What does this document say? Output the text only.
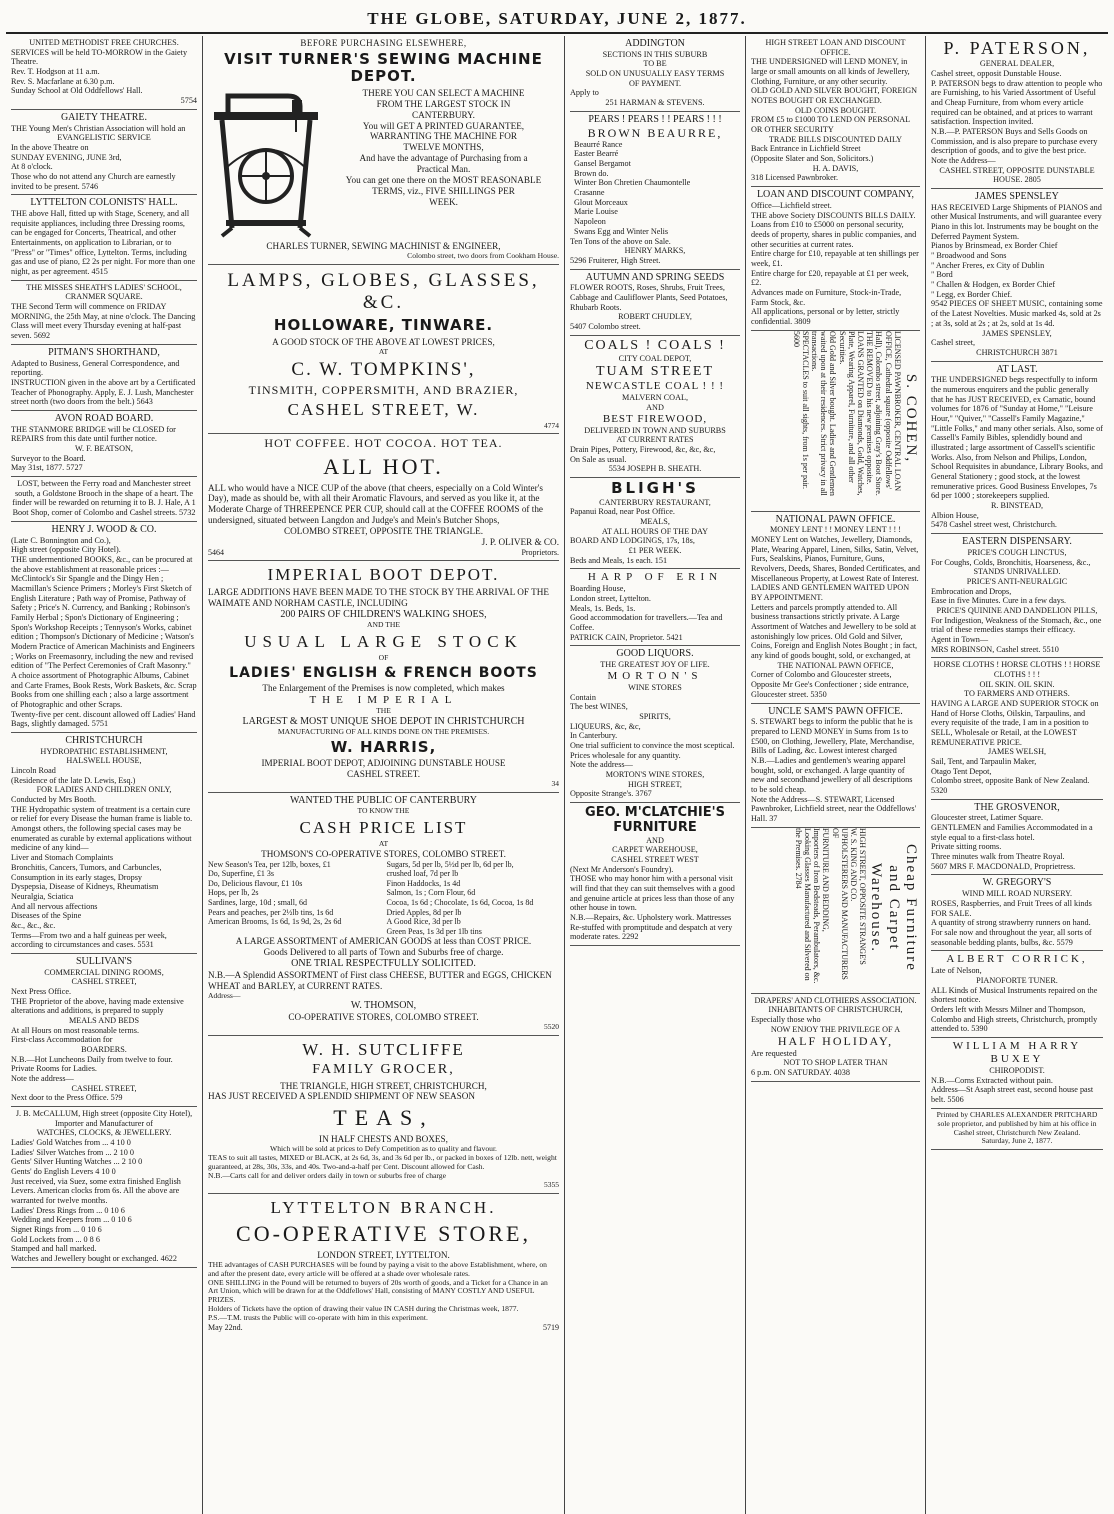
THE GLOBE, SATURDAY, JUNE 2, 1877.
UNITED METHODIST FREE CHURCHES.
SERVICES will be held TO-MORROW in the Gaiety Theatre.
Rev. T. Hodgson at 11 a.m.
Rev. S. Macfarlane at 6.30 p.m.
Sunday School at Old Oddfellows' Hall.
5754
GAIETY THEATRE.
THE Young Men's Christian Association will hold an
EVANGELISTIC SERVICE
In the above Theatre on
SUNDAY EVENING, JUNE 3rd,
At 8 o'clock.
Those who do not attend any Church are earnestly invited to be present. 5746
LYTTELTON COLONISTS' HALL.
THE above Hall, fitted up with Stage, Scenery, and all requisite appliances, including three Dressing rooms, can be engaged for Concerts, Theatrical, and other Entertainments, on application to Librarian, or to "Press" or "Times" office, Lyttelton. Terms, including gas and use of piano, £2 2s per night. For more than one night, as per agreement. 4515
THE MISSES SHEATH'S LADIES' SCHOOL, CRANMER SQUARE.
THE Second Term will commence on FRIDAY MORNING, the 25th May, at nine o'clock. The Dancing Class will meet every Thursday evening at half-past seven. 5692
PITMAN'S SHORTHAND,
Adapted to Business, General Correspondence, and reporting.
INSTRUCTION given in the above art by a Certificated Teacher of Phonography. Apply, E. J. Lush, Manchester street north (two doors from the belt.) 5643
AVON ROAD BOARD.
THE STANMORE BRIDGE will be CLOSED for REPAIRS from this date until further notice.
W. F. BEATSON,
Surveyor to the Board.
May 31st, 1877. 5727
LOST, between the Ferry road and Manchester street south, a Goldstone Brooch in the shape of a heart. The finder will be rewarded on returning it to B. J. Hale, A 1 Boot Shop, corner of Colombo and Cashel streets. 5732
HENRY J. WOOD & CO.
(Late C. Bonnington and Co.),
High street (opposite City Hotel).
THE undermentioned BOOKS, &c., can be procured at the above establishment at reasonable prices :—
McClintock's Sir Spangle and the Dingy Hen ; Macmillan's Science Primers ; Morley's First Sketch of English Literature ; Path way of Promise, Pathway of Safety ; Price's N. Currency, and Banking ; Robinson's Family Herbal ; Spon's Dictionary of Engineering ; Spon's Workshop Receipts ; Tennyson's Works, cabinet edition ; Thompson's Dictionary of Medicine ; Watson's Modern Practice of American Machinists and Engineers ; Works on Freemasonry, including the new and revised edition of "The Perfect Ceremonies of Craft Masonry." A choice assortment of Photographic Albums, Cabinet and Carte Frames, Book Rests, Work Baskets, &c. Scrap Books from one shilling each ; also a large assortment of Photographic and other Scraps.
Twenty-five per cent. discount allowed off Ladies' Hand Bags, slightly damaged. 5751
CHRISTCHURCH
HYDROPATHIC ESTABLISHMENT,
HALSWELL HOUSE,
Lincoln Road
(Residence of the late D. Lewis, Esq.)
FOR LADIES AND CHILDREN ONLY,
Conducted by Mrs Booth.
THE Hydropathic system of treatment is a certain cure or relief for every Disease the human frame is liable to. Amongst others, the following special cases may be enumerated as curable by external applications without medicine of any kind—
Liver and Stomach Complaints
Bronchitis, Cancers, Tumors, and Carbuncles,
Consumption in its early stages, Dropsy
Dyspepsia, Disease of Kidneys, Rheumatism
Neuralgia, Sciatica
And all nervous affections
Diseases of the Spine
&c., &c., &c.
Terms—From two and a half guineas per week, according to circumstances and cases. 5531
SULLIVAN'S
COMMERCIAL DINING ROOMS,
CASHEL STREET,
Next Press Office.
THE Proprietor of the above, having made extensive alterations and additions, is prepared to supply
MEALS AND BEDS
At all Hours on most reasonable terms.
First-class Accommodation for
BOARDERS.
N.B.—Hot Luncheons Daily from twelve to four.
Private Rooms for Ladies.
Note the address—
CASHEL STREET,
Next door to the Press Office. 5?9
J. B. McCALLUM, High street (opposite City Hotel), Importer and Manufacturer of
WATCHES, CLOCKS, & JEWELLERY.
Ladies' Gold Watches from ... 4 10 0
Ladies' Silver Watches from ... 2 10 0
Gents' Silver Hunting Watches ... 2 10 0
Gents' do English Levers 4 10 0
Just received, via Suez, some extra finished English Levers. American clocks from 6s. All the above are warranted for twelve months.
Ladies' Dress Rings from ... 0 10 6
Wedding and Keepers from ... 0 10 6
Signet Rings from ... 0 10 6
Gold Lockets from ... 0 8 6
Stamped and hall marked.
Watches and Jewellery bought or exchanged. 4622
BEFORE PURCHASING ELSEWHERE,
VISIT TURNER'S SEWING MACHINE DEPOT.
THERE YOU CAN SELECT A MACHINE
FROM THE LARGEST STOCK IN
CANTERBURY.
You will GET A PRINTED GUARANTEE,
WARRANTING THE MACHINE FOR
TWELVE MONTHS,
And have the advantage of Purchasing from a
Practical Man.
You can get one there on the MOST REASONABLE
TERMS, viz., FIVE SHILLINGS PER
WEEK.
CHARLES TURNER, SEWING MACHINIST & ENGINEER,
Colombo street, two doors from Cookham House.
LAMPS, GLOBES, GLASSES, &C.
HOLLOWARE, TINWARE.
A GOOD STOCK OF THE ABOVE AT LOWEST PRICES,
AT
C. W. TOMPKINS',
TINSMITH, COPPERSMITH, AND BRAZIER,
CASHEL STREET, W.
4774
HOT COFFEE. HOT COCOA. HOT TEA.
ALL HOT.

ALL who would have a NICE CUP of the above (that cheers, especially on a Cold Winter's Day), made as should be, with all their Aromatic Flavours, and served as you like it, at the Moderate Charge of THREEPENCE PER CUP, should call at the COFFEE ROOMS of the undersigned, situated between Langdon and Judge's and Mein's Butcher Shops,

COLOMBO STREET, OPPOSITE THE TRIANGLE.
J. P. OLIVER & CO.
5464	Proprietors.
IMPERIAL BOOT DEPOT.

LARGE ADDITIONS HAVE BEEN MADE TO THE STOCK BY THE ARRIVAL OF THE WAIMATE AND NORHAM CASTLE, INCLUDING

200 PAIRS OF CHILDREN'S WALKING SHOES,
AND THE
USUAL LARGE STOCK
OF
LADIES' ENGLISH & FRENCH BOOTS
The Enlargement of the Premises is now completed, which makes
THE IMPERIAL
THE
LARGEST & MOST UNIQUE SHOE DEPOT IN CHRISTCHURCH
MANUFACTURING OF ALL KINDS DONE ON THE PREMISES.
W. HARRIS,
IMPERIAL BOOT DEPOT, ADJOINING DUNSTABLE HOUSE
CASHEL STREET.
34
WANTED THE PUBLIC OF CANTERBURY
TO KNOW THE
CASH PRICE LIST
AT
THOMSON'S CO-OPERATIVE STORES, COLOMBO STREET.
New Season's Tea, per 12lb, boxes, £1
Do, Superfine, £1 3s
Do, Delicious flavour, £1 10s
Hops, per lb, 2s
Sardines, large, 10d ; small, 6d
Pears and peaches, per 2½lb tins, 1s 6d
American Brooms, 1s 6d, 1s 9d, 2s, 2s 6d
Sugars, 5d per lb, 5½d per lb, 6d per lb,
crushed loaf, 7d per lb
Finon Haddocks, 1s 4d
Salmon, 1s ; Corn Flour, 6d
Cocoa, 1s 6d ; Chocolate, 1s 6d, Cocoa, 1s 8d
Dried Apples, 8d per lb
A Good Rice, 3d per lb
Green Peas, 1s 3d per 1lb tins
A LARGE ASSORTMENT of AMERICAN GOODS at less than COST PRICE.
Goods Delivered to all parts of Town and Suburbs free of charge.
ONE TRIAL RESPECTFULLY SOLICITED.

N.B.—A Splendid ASSORTMENT of First class CHEESE, BUTTER and EGGS, CHICKEN WHEAT and BARLEY, at CURRENT RATES.

Address—
W. THOMSON,
CO-OPERATIVE STORES, COLOMBO STREET.
5520
W. H. SUTCLIFFE
FAMILY GROCER,
THE TRIANGLE, HIGH STREET, CHRISTCHURCH,

HAS JUST RECEIVED A SPLENDID SHIPMENT OF NEW SEASON

TEAS,
IN HALF CHESTS AND BOXES,
Which will be sold at prices to Defy Competition as to quality and flavour.

TEAS to suit all tastes, MIXED or BLACK, at 2s 6d, 3s, and 3s 6d per lb., or packed in boxes of 12lb. nett, weight guaranteed, at 28s, 30s, 33s, and 40s. Two-and-a-half per Cent. Discount allowed for Cash.

N.B.—Carts call for and deliver orders daily in town or suburbs free of charge

5355
LYTTELTON BRANCH.
CO-OPERATIVE STORE,
LONDON STREET, LYTTELTON.

THE advantages of CASH PURCHASES will be found by paying a visit to the above Establishment, where, on and after the present date, every article will be offered at a shade over wholesale rates.

ONE SHILLING in the Pound will be returned to buyers of 20s worth of goods, and a Ticket for a Chance in an Art Union, which will be drawn for at the Oddfellows' Hall, consisting of MANY COSTLY AND USEFUL PRIZES.

Holders of Tickets have the option of drawing their value IN CASH during the Christmas week, 1877.

P.S.—T.M. trusts the Public will co-operate with him in this experiment.

May 22nd.	5719
ADDINGTON
SECTIONS IN THIS SUBURB
TO BE
SOLD ON UNUSUALLY EASY TERMS
OF PAYMENT.
Apply to
251 HARMAN & STEVENS.
PEARS ! PEARS ! ! PEARS ! ! !
BROWN BEAURRE,
Beaurré Rance
Easter Bearré
Gansel Bergamot
Brown do.
Winter Bon Chretien Chaumontelle
Crasanne
Glout Morceaux
Marie Louise
Napoleon
Swans Egg and Winter Nelis
Ten Tons of the above on Sale.
HENRY MARKS,
5296 Fruiterer, High Street.
AUTUMN AND SPRING SEEDS
FLOWER ROOTS, Roses, Shrubs, Fruit Trees, Cabbage and Cauliflower Plants, Seed Potatoes, Rhubarb Roots.
ROBERT CHUDLEY,
5407 Colombo street.
COALS ! COALS !
CITY COAL DEPOT,
TUAM STREET
NEWCASTLE COAL ! ! !
MALVERN COAL,
AND
BEST FIREWOOD,
DELIVERED IN TOWN AND SUBURBS
AT CURRENT RATES
Drain Pipes, Pottery, Firewood, &c, &c, &c,
On Sale as usual.
5534 JOSEPH B. SHEATH.
BLIGH'S
CANTERBURY RESTAURANT,
Papanui Road, near Post Office.
MEALS,
AT ALL HOURS OF THE DAY
BOARD AND LODGINGS, 17s, 18s,
£1 PER WEEK.
Beds and Meals, 1s each. 151
HARP OF ERIN
Boarding House,
London street, Lyttelton.
Meals, 1s. Beds, 1s.
Good accommodation for travellers.—Tea and Coffee.
PATRICK CAIN, Proprietor. 5421
GOOD LIQUORS.
THE GREATEST JOY OF LIFE.
MORTON'S
WINE STORES
Contain
The best WINES,
SPIRITS,
LIQUEURS, &c, &c,
In Canterbury.
One trial sufficient to convince the most sceptical.
Prices wholesale for any quantity.
Note the address—
MORTON'S WINE STORES,
HIGH STREET,
Opposite Strange's. 3767
GEO. M'CLATCHIE'S
FURNITURE
AND
CARPET WAREHOUSE,
CASHEL STREET WEST
(Next Mr Anderson's Foundry).
THOSE who may honor him with a personal visit will find that they can suit themselves with a good and genuine article at prices less than those of any other house in town.
N.B.—Repairs, &c. Upholstery work. Mattresses Re-stuffed with promptitude and despatch at very moderate rates. 2292
HIGH STREET LOAN AND DISCOUNT OFFICE.
THE UNDERSIGNED will LEND MONEY, in large or small amounts on all kinds of Jewellery, Clothing, Furniture, or any other security.
OLD GOLD AND SILVER BOUGHT, FOREIGN NOTES BOUGHT OR EXCHANGED.
OLD COINS BOUGHT.
FROM £5 to £1000 TO LEND ON PERSONAL OR OTHER SECURITY
TRADE BILLS DISCOUNTED DAILY
Back Entrance in Lichfield Street
(Opposite Slater and Son, Solicitors.)
H. A. DAVIS,
318 Licensed Pawnbroker.
LOAN AND DISCOUNT COMPANY,
Office—Lichfield street.
THE above Society DISCOUNTS BILLS DAILY.
Loans from £10 to £5000 on personal security, deeds of property, shares in public companies, and other securities at current rates.
Entire charge for £10, repayable at ten shillings per week, £1.
Entire charge for £20, repayable at £1 per week, £2.
Advances made on Furniture, Stock-in-Trade, Farm Stock, &c.
All applications, personal or by letter, strictly confidential. 3809
S. COHEN,
LICENSED PAWNBROKER, CENTRAL LOAN OFFICE, Cathedral square (opposite Oddfellows' Hall), Colombo street, adjoining Gray's Boot Store. THE REMOVED to his new premises opposite.
LOANS GRANTED on Diamonds, Gold, Watches, Plate, Wearing Apparel, Furniture, and all other Securities.
Old Gold and Silver bought. Ladies and Gentlemen waited upon at their residences. Strict privacy in all transactions.
SPECTACLES to suit all sights, from 1s per pair. 5600
NATIONAL PAWN OFFICE.
MONEY LENT ! ! MONEY LENT ! ! !
MONEY Lent on Watches, Jewellery, Diamonds, Plate, Wearing Apparel, Linen, Silks, Satin, Velvet, Furs, Sealskins, Pianos, Furniture, Guns, Revolvers, Deeds, Shares, Bonded Certificates, and Miscellaneous Property, at Lowest Rate of Interest.
LADIES AND GENTLEMEN WAITED UPON BY APPOINTMENT.
Letters and parcels promptly attended to. All business transactions strictly private. A Large Assortment of Watches and Jewellery to be sold at astonishingly low prices. Old Gold and Silver, Coins, Foreign and English Notes Bought ; in fact, any kind of goods bought, sold, or exchanged, at
THE NATIONAL PAWN OFFICE,
Corner of Colombo and Gloucester streets, Opposite Mr Gee's Confectioner ; side entrance, Gloucester street. 5350
UNCLE SAM'S PAWN OFFICE.
S. STEWART begs to inform the public that he is prepared to LEND MONEY in Sums from 1s to £500, on Clothing, Jewellery, Plate, Merchandise, Bills of Lading, &c. Lowest interest charged
N.B.—Ladies and gentlemen's wearing apparel bought, sold, or exchanged. A large quantity of new and secondhand jewellery of all descriptions to be sold cheap.
Note the Address—S. STEWART, Licensed Pawnbroker, Lichfield street, near the Oddfellows' Hall. 37
Cheap Furniture and Carpet Warehouse.
HIGH STREET, OPPOSITE STRANGE'S
W. S. KING AND CO.
UPHOLSTERERS AND MANUFACTURERS OF
FURNITURE AND BEDDING,
Importers of Iron Bedsteads, Perambulators, &c.
Looking Glasses Manufactured and Silvered on the Premises. 2784
DRAPERS' AND CLOTHIERS ASSOCIATION.
INHABITANTS OF CHRISTCHURCH,
Especially those who
NOW ENJOY THE PRIVILEGE OF A
HALF HOLIDAY,
Are requested
NOT TO SHOP LATER THAN
6 p.m. ON SATURDAY. 4038
P. PATERSON,
GENERAL DEALER,
Cashel street, opposit Dunstable House.
P. PATERSON begs to draw attention to people who are Furnishing, to his Varied Assortment of Useful and Cheap Furniture, from whom every article required can be obtained, and at prices to warrant satisfaction. Inspection invited.
N.B.—P. PATERSON Buys and Sells Goods on Commission, and is also prepare to purchase every description of goods, and to give the best price.
Note the Address—
CASHEL STREET, OPPOSITE DUNSTABLE HOUSE. 2805
JAMES SPENSLEY
HAS RECEIVED Large Shipments of PIANOS and other Musical Instruments, and will guarantee every Piano in this lot. Instruments may be bought on the Deferred Payment System.
Pianos by Brinsmead, ex Border Chief
" Broadwood and Sons
" Ancher Freres, ex City of Dublin
" Bord
" Challen & Hodgen, ex Border Chief
" Legg, ex Border Chief.
9542 PIECES OF SHEET MUSIC, containing some of the Latest Novelties. Music marked 4s, sold at 2s ; at 3s, sold at 2s ; at 2s, sold at 1s 4d.
JAMES SPENSLEY,
Cashel street,
CHRISTCHURCH 3871
AT LAST.
THE UNDERSIGNED begs respectfully to inform the numerous enquirers and the public generally that he has JUST RECEIVED, ex Carnatic, bound volumes for 1876 of "Sunday at Home," "Leisure Hour," "Quiver," "Cassell's Family Magazine," "Little Folks," and many other serials. Also, some of Cassell's Family Bibles, splendidly bound and illustrated ; large assortment of Cassell's scientific Works. Also, from Nelson and Philips, London, School Requisites in abundance, Library Books, and General Stationery ; good stock, at the lowest remunerative prices. Good Business Envelopes, 7s 6d per 1000 ; storekeepers supplied.
R. BINSTEAD,
Albion House,
5478 Cashel street west, Christchurch.
EASTERN DISPENSARY.
PRICE'S COUGH LINCTUS,
For Coughs, Colds, Bronchitis, Hoarseness, &c.,
STANDS UNRIVALLED.
PRICE'S ANTI-NEURALGIC
Embrocation and Drops,
Ease in five Minutes. Cure in a few days.
PRICE'S QUININE AND DANDELION PILLS,
For Indigestion, Weakness of the Stomach, &c., one trial of these remedies stamps their efficacy.
Agent in Town—
MRS ROBINSON, Cashel street. 5510
HORSE CLOTHS ! HORSE CLOTHS ! ! HORSE CLOTHS ! ! !
OIL SKIN. OIL SKIN.
TO FARMERS AND OTHERS.
HAVING A LARGE AND SUPERIOR STOCK on Hand of Horse Cloths, Oilskin, Tarpaulins, and every requisite of the trade, I am in a position to SELL, Wholesale or Retail, at the LOWEST REMUNERATIVE PRICE.
JAMES WELSH,
Sail, Tent, and Tarpaulin Maker,
Otago Tent Depot,
Colombo street, opposite Bank of New Zealand. 5320
THE GROSVENOR,
Gloucester street, Latimer Square.
GENTLEMEN and Families Accommodated in a style equal to a first-class hotel.
Private sitting rooms.
Three minutes walk from Theatre Royal.
5607 MRS F. MACDONALD, Proprietress.
W. GREGORY'S
WIND MILL ROAD NURSERY.
ROSES, Raspberries, and Fruit Trees of all kinds FOR SALE.
A quantity of strong strawberry runners on hand.
For sale now and throughout the year, all sorts of seasonable bedding plants, bulbs, &c. 5579
ALBERT CORRICK,
Late of Nelson,
PIANOFORTE TUNER.
ALL Kinds of Musical Instruments repaired on the shortest notice.
Orders left with Messrs Milner and Thompson, Colombo and High streets, Christchurch, promptly attended to. 5390
WILLIAM HARRY BUXEY
CHIROPODIST.
N.B.—Corns Extracted without pain.
Address—St Asaph street east, second house past belt. 5506
Printed by CHARLES ALEXANDER PRITCHARD sole proprietor, and published by him at his office in Cashel street, Christchurch New Zealand.
Saturday, June 2, 1877.
